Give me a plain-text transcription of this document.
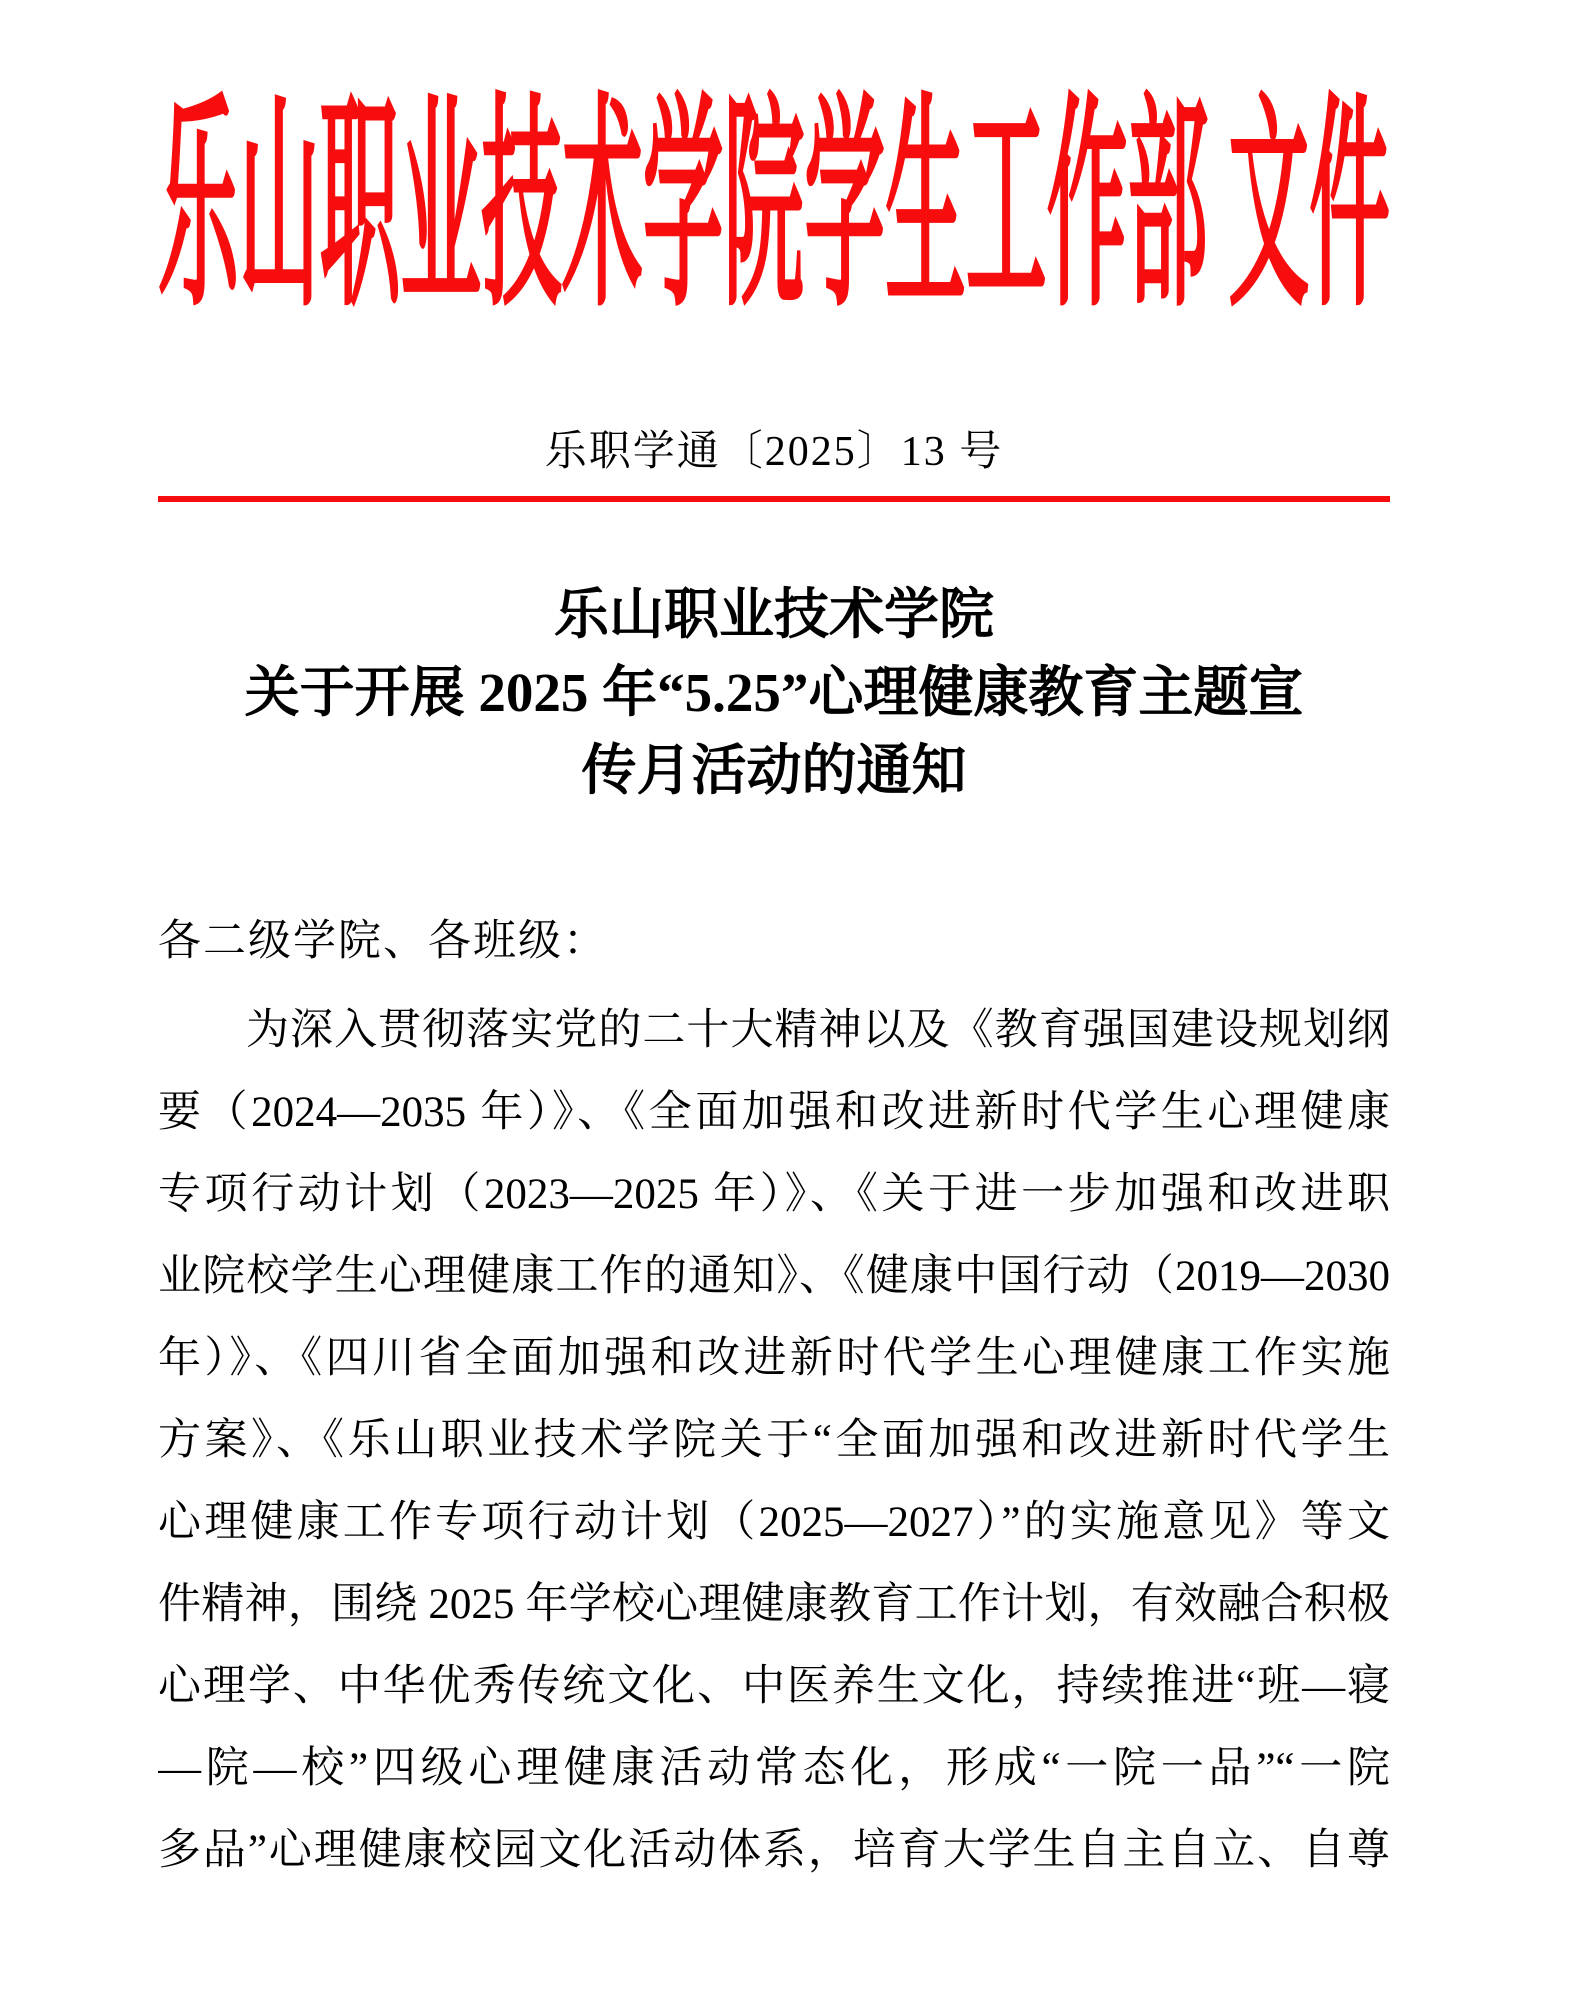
乐山职业技术学院学生工作部 文件
乐职学通〔2025〕13 号
乐山职业技术学院
关于开展 2025 年“5.25”心理健康教育主题宣
传月活动的通知
各二级学院、各班级：
为深入贯彻落实党的二十大精神以及《教育强国建设规划纲
要（2024—2035 年）》、《全面加强和改进新时代学生心理健康
专项行动计划（2023—2025 年）》、《关于进一步加强和改进职
业院校学生心理健康工作的通知》、《健康中国行动（2019—2030
年）》、《四川省全面加强和改进新时代学生心理健康工作实施
方案》、《乐山职业技术学院关于“全面加强和改进新时代学生
心理健康工作专项行动计划（2025—2027）”的实施意见》等文
件精神，围绕 2025 年学校心理健康教育工作计划，有效融合积极
心理学、中华优秀传统文化、中医养生文化，持续推进“班—寝
—院—校”四级心理健康活动常态化，形成“一院一品”“一院
多品”心理健康校园文化活动体系，培育大学生自主自立、自尊
